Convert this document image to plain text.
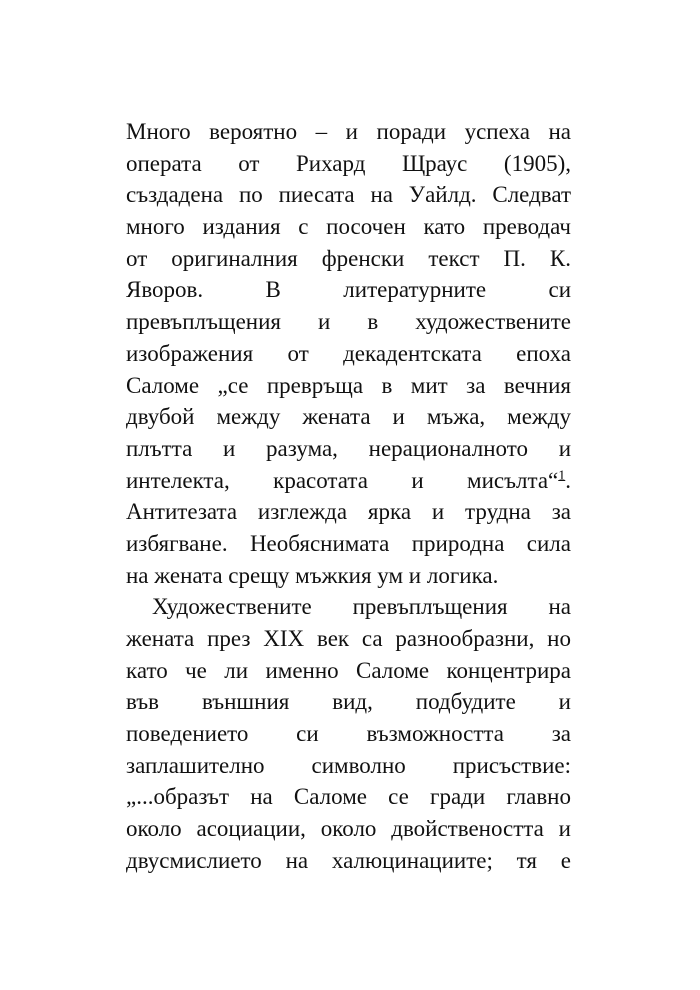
Много вероятно – и поради успеха на
операта от Рихард Щраус (1905),
създадена по пиесата на Уайлд. Следват
много издания с посочен като преводач
от оригиналния френски текст П. К.
Яворов. В литературните си
превъплъщения и в художествените
изображения от декадентската епоха
Саломе „се превръща в мит за вечния
двубой между жената и мъжа, между
плътта и разума, нерационалното и
интелекта, красотата и мисълта“$^1$.
Антитезата изглежда ярка и трудна за
избягване. Необяснимата природна сила
на жената срещу мъжкия ум и логика.
Художествените превъплъщения на
жената през XIX век са разнообразни, но
като че ли именно Саломе концентрира
във външния вид, подбудите и
поведението си възможността за
заплашително символно присъствие:
„...образът на Саломе се гради главно
около асоциации, около двойствеността и
двусмислието на халюцинациите; тя е
